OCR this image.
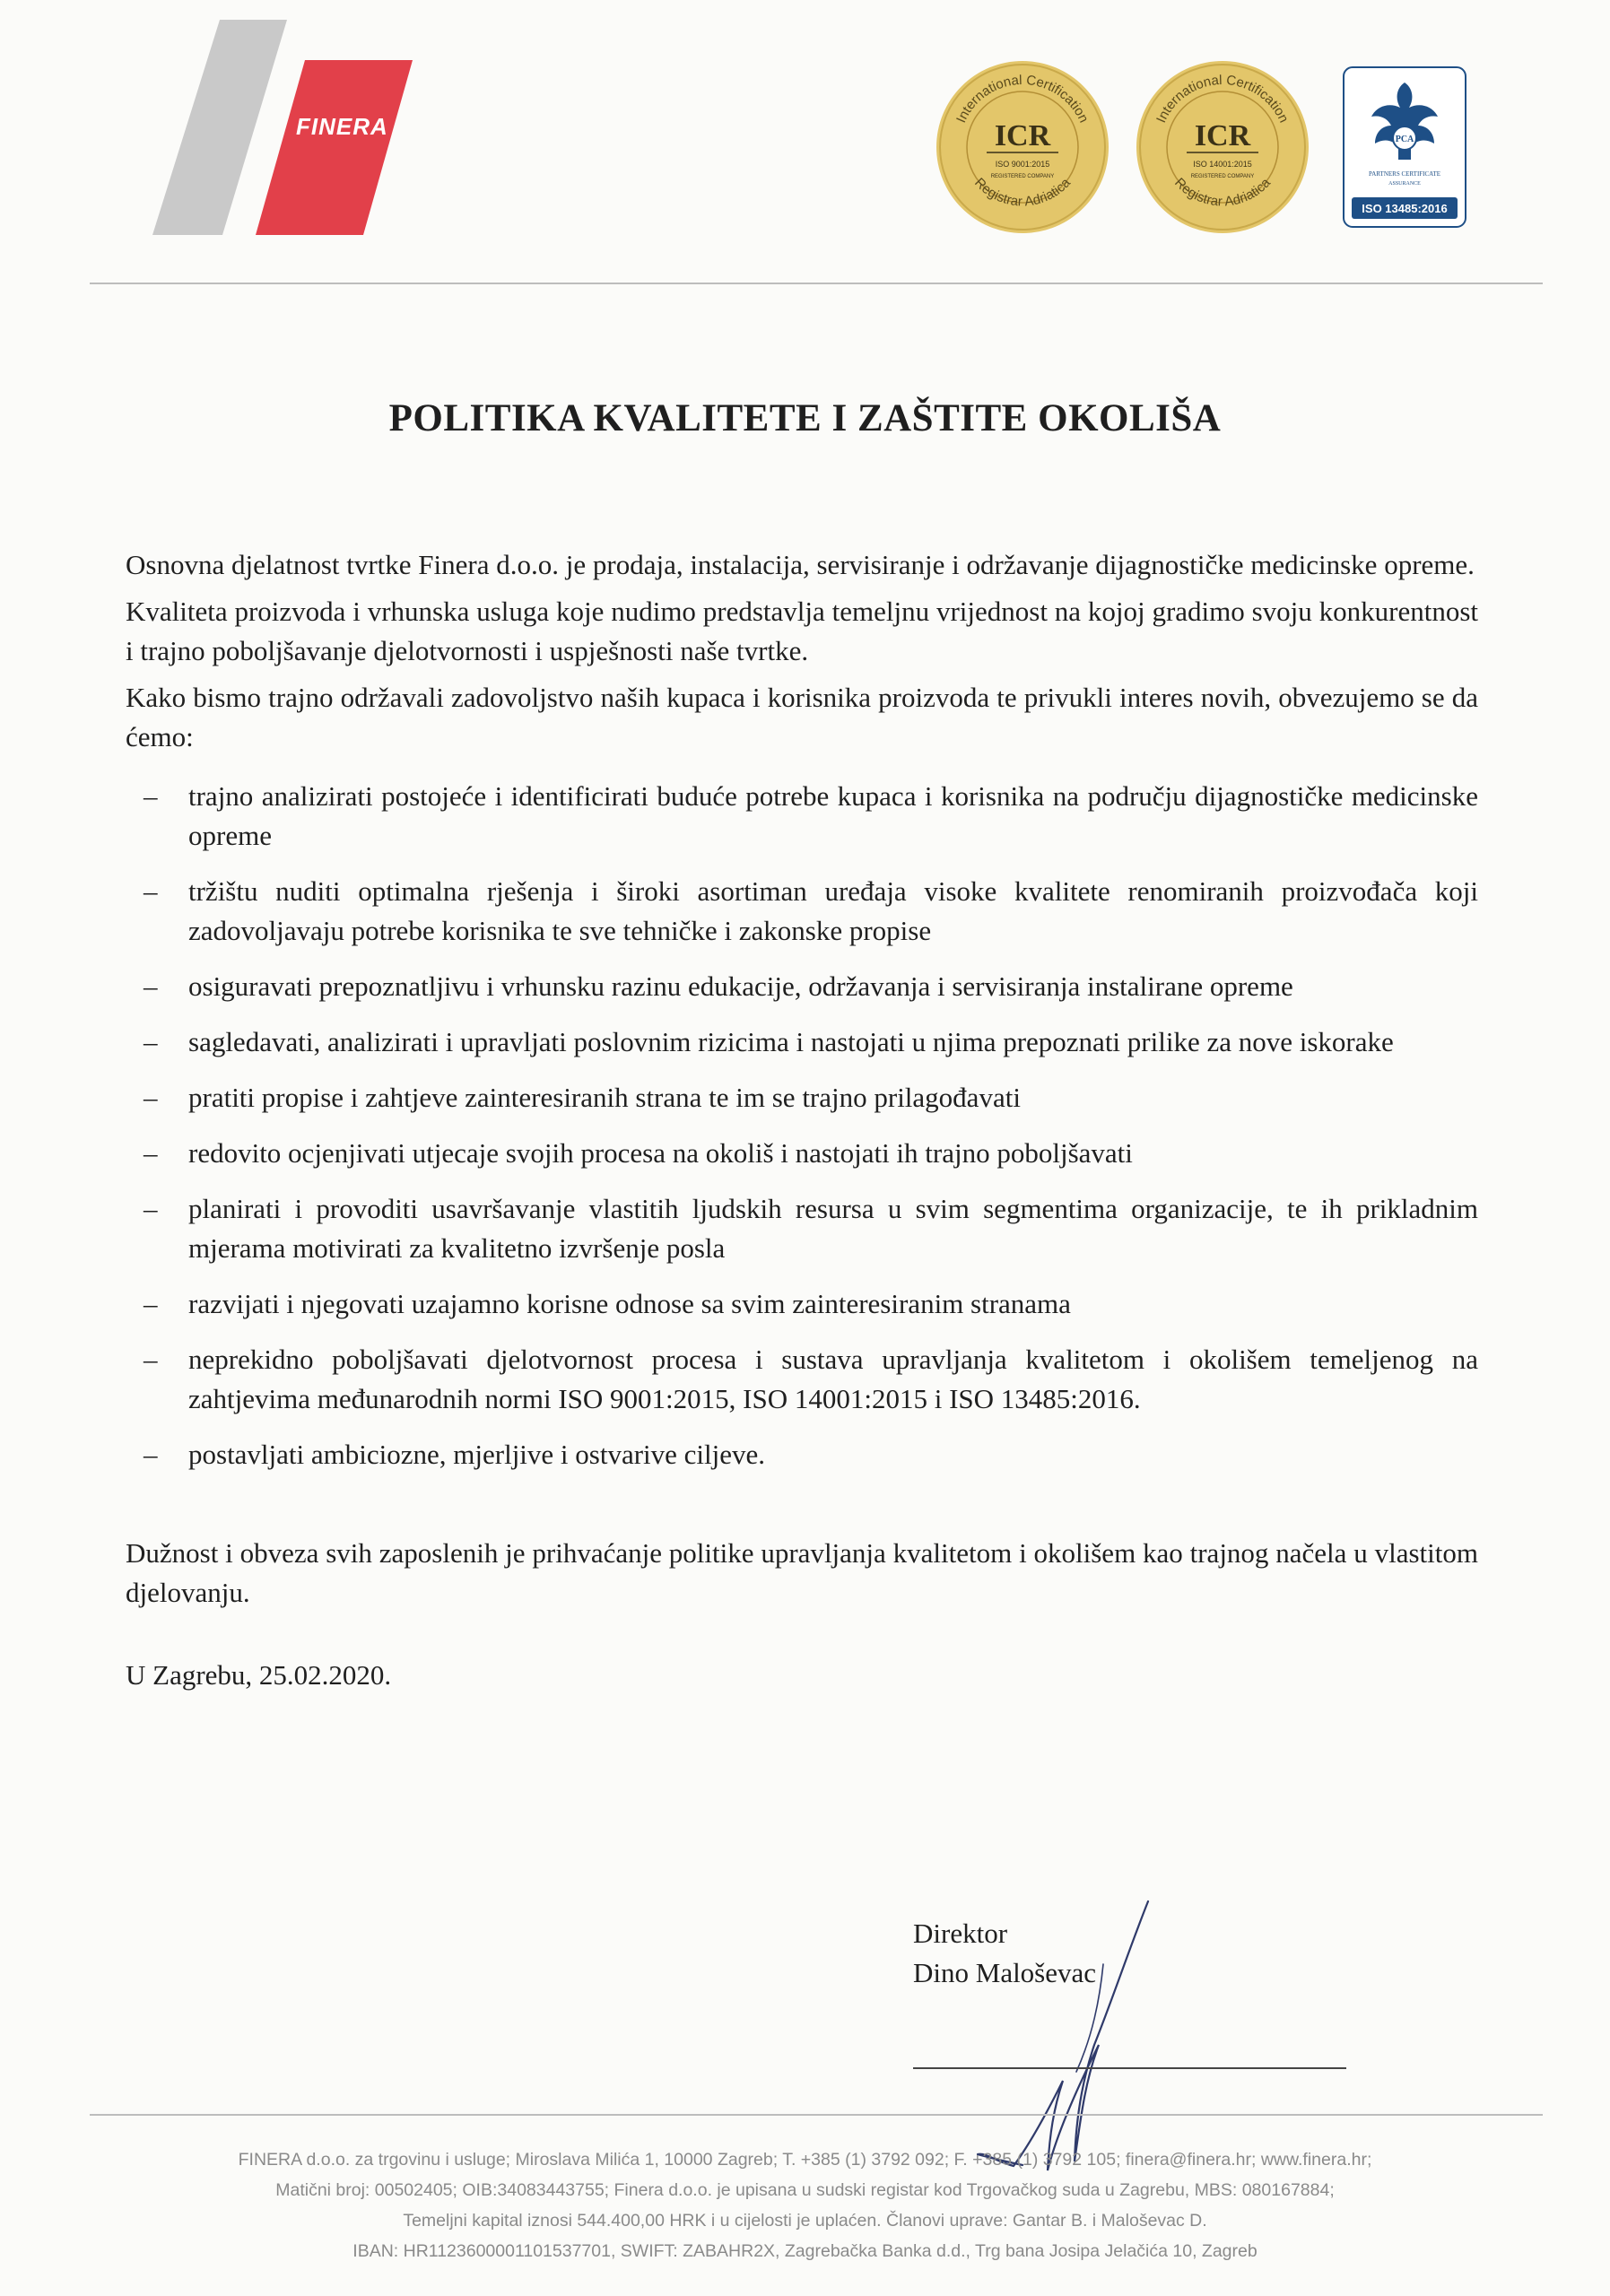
FINERA	International Certification
Registrar Adriatica
ICR
ISO 9001:2015
REGISTERED COMPANY
International Certification
Registrar Adriatica
ICR
ISO 14001:2015
REGISTERED COMPANY
PCA
PARTNERS CERTIFICATE
ASSURANCE
ISO 13485:2016
POLITIKA KVALITETE I ZAŠTITE OKOLIŠA

Osnovna djelatnost tvrtke Finera d.o.o. je prodaja, instalacija, servisiranje i održavanje dijagnostičke medicinske opreme.

Kvaliteta proizvoda i vrhunska usluga koje nudimo predstavlja temeljnu vrijednost na kojoj gradimo svoju konkurentnost i trajno poboljšavanje djelotvornosti i uspješnosti naše tvrtke.

Kako bismo trajno održavali zadovoljstvo naših kupaca i korisnika proizvoda te privukli interes novih, obvezujemo se da ćemo:

– trajno analizirati postojeće i identificirati buduće potrebe kupaca i korisnika na području dijagnostičke medicinske opreme
– tržištu nuditi optimalna rješenja i široki asortiman uređaja visoke kvalitete renomiranih proizvođača koji zadovoljavaju potrebe korisnika te sve tehničke i zakonske propise
– osiguravati prepoznatljivu i vrhunsku razinu edukacije, održavanja i servisiranja instalirane opreme
– sagledavati, analizirati i upravljati poslovnim rizicima i nastojati u njima prepoznati prilike za nove iskorake
– pratiti propise i zahtjeve zainteresiranih strana te im se trajno prilagođavati
– redovito ocjenjivati utjecaje svojih procesa na okoliš i nastojati ih trajno poboljšavati
– planirati i provoditi usavršavanje vlastitih ljudskih resursa u svim segmentima organizacije, te ih prikladnim mjerama motivirati za kvalitetno izvršenje posla
– razvijati i njegovati uzajamno korisne odnose sa svim zainteresiranim stranama
– neprekidno poboljšavati djelotvornost procesa i sustava upravljanja kvalitetom i okolišem temeljenog na zahtjevima međunarodnih normi ISO 9001:2015, ISO 14001:2015 i ISO 13485:2016.
– postavljati ambiciozne, mjerljive i ostvarive ciljeve.

Dužnost i obveza svih zaposlenih je prihvaćanje politike upravljanja kvalitetom i okolišem kao trajnog načela u vlastitom djelovanju.

U Zagrebu, 25.02.2020.

Direktor
Dino Maloševac
FINERA d.o.o. za trgovinu i usluge; Miroslava Milića 1, 10000 Zagreb; T. +385 (1) 3792 092; F. +385 (1) 3792 105; finera@finera.hr; www.finera.hr;
Matični broj: 00502405; OIB:34083443755; Finera d.o.o. je upisana u sudski registar kod Trgovačkog suda u Zagrebu, MBS: 080167884;
Temeljni kapital iznosi 544.400,00 HRK i u cijelosti je uplaćen. Članovi uprave: Gantar B. i Maloševac D.
IBAN: HR1123600001101537701, SWIFT: ZABAHR2X, Zagrebačka Banka d.d., Trg bana Josipa Jelačića 10, Zagreb
